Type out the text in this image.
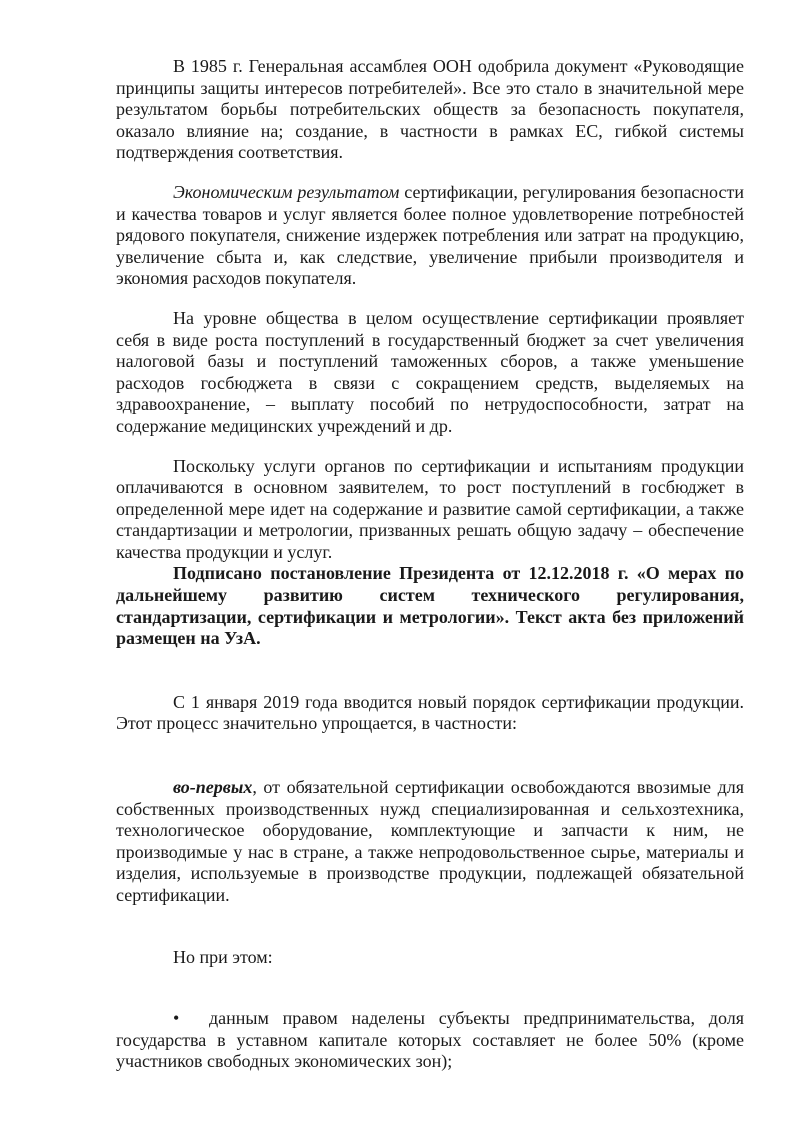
В 1985 г. Генеральная ассамблея ООН одобрила документ «Руководящие принципы защиты интересов потребителей». Все это стало в значительной мере результатом борьбы потребительских обществ за безопасность покупателя, оказало влияние на; создание, в частности в рамках ЕС, гибкой системы подтверждения соответствия.

Экономическим результатом сертификации, регулирования безопасности и качества товаров и услуг является более полное удовлетворение потребностей рядового покупателя, снижение издержек потребления или затрат на продукцию, увеличение сбыта и, как следствие, увеличение прибыли производителя и экономия расходов покупателя.

На уровне общества в целом осуществление сертификации проявляет себя в виде роста поступлений в государственный бюджет за счет увеличения налоговой базы и поступлений таможенных сборов, а также уменьшение расходов госбюджета в связи с сокращением средств, выделяемых на здравоохранение, – выплату пособий по нетрудоспособности, затрат на содержание медицинских учреждений и др.

Поскольку услуги органов по сертификации и испытаниям продукции оплачиваются в основном заявителем, то рост поступлений в госбюджет в определенной мере идет на содержание и развитие самой сертификации, а также стандартизации и метрологии, призванных решать общую задачу – обеспечение качества продукции и услуг.

Подписано постановление Президента от 12.12.2018 г. «О мерах по дальнейшему развитию систем технического регулирования, стандартизации, сертификации и метрологии». Текст акта без приложений размещен на УзА.

С 1 января 2019 года вводится новый порядок сертификации продукции. Этот процесс значительно упрощается, в частности:

во-первых, от обязательной сертификации освобождаются ввозимые для собственных производственных нужд специализированная и сельхозтехника, технологическое оборудование, комплектующие и запчасти к ним, не производимые у нас в стране, а также непродовольственное сырье, материалы и изделия, используемые в производстве продукции, подлежащей обязательной сертификации.

Но при этом:

• данным правом наделены субъекты предпринимательства, доля государства в уставном капитале которых составляет не более 50% (кроме участников свободных экономических зон);
